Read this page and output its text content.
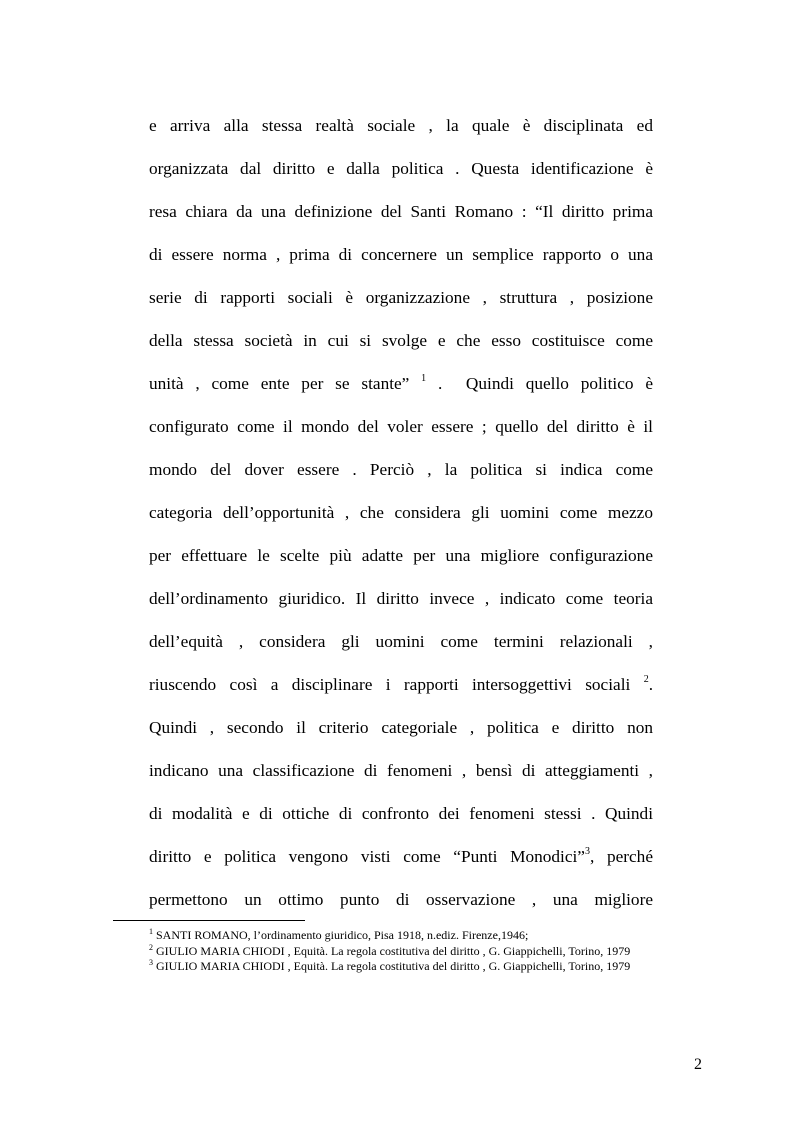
e arriva alla stessa realtà sociale , la quale è disciplinata ed
organizzata dal diritto e dalla politica . Questa identificazione è
resa chiara da una definizione del Santi Romano : “Il diritto prima
di essere norma , prima di concernere un semplice rapporto o una
serie di rapporti sociali è organizzazione , struttura , posizione
della stessa società in cui si svolge e che esso costituisce come
unità , come ente per se stante” $^1$ .  Quindi quello politico è
configurato come il mondo del voler essere ; quello del diritto è il
mondo del dover essere . Perciò , la politica si indica come
categoria dell’opportunità , che considera gli uomini come mezzo
per effettuare le scelte più adatte per una migliore configurazione
dell’ordinamento giuridico. Il diritto invece , indicato come teoria
dell’equità , considera gli uomini come termini relazionali ,
riuscendo così a disciplinare i rapporti intersoggettivi sociali $^2$.
Quindi , secondo il criterio categoriale , politica e diritto non
indicano una classificazione di fenomeni , bensì di atteggiamenti ,
di modalità e di ottiche di confronto dei fenomeni stessi . Quindi
diritto e politica vengono visti come “Punti Monodici”$^3$, perché
permettono un ottimo punto di osservazione , una migliore

$^1$ SANTI ROMANO, l’ordinamento giuridico, Pisa 1918, n.ediz. Firenze,1946;

$^2$ GIULIO MARIA CHIODI , Equità. La regola costitutiva del diritto , G. Giappichelli, Torino, 1979

$^3$ GIULIO MARIA CHIODI , Equità. La regola costitutiva del diritto , G. Giappichelli, Torino, 1979

2
